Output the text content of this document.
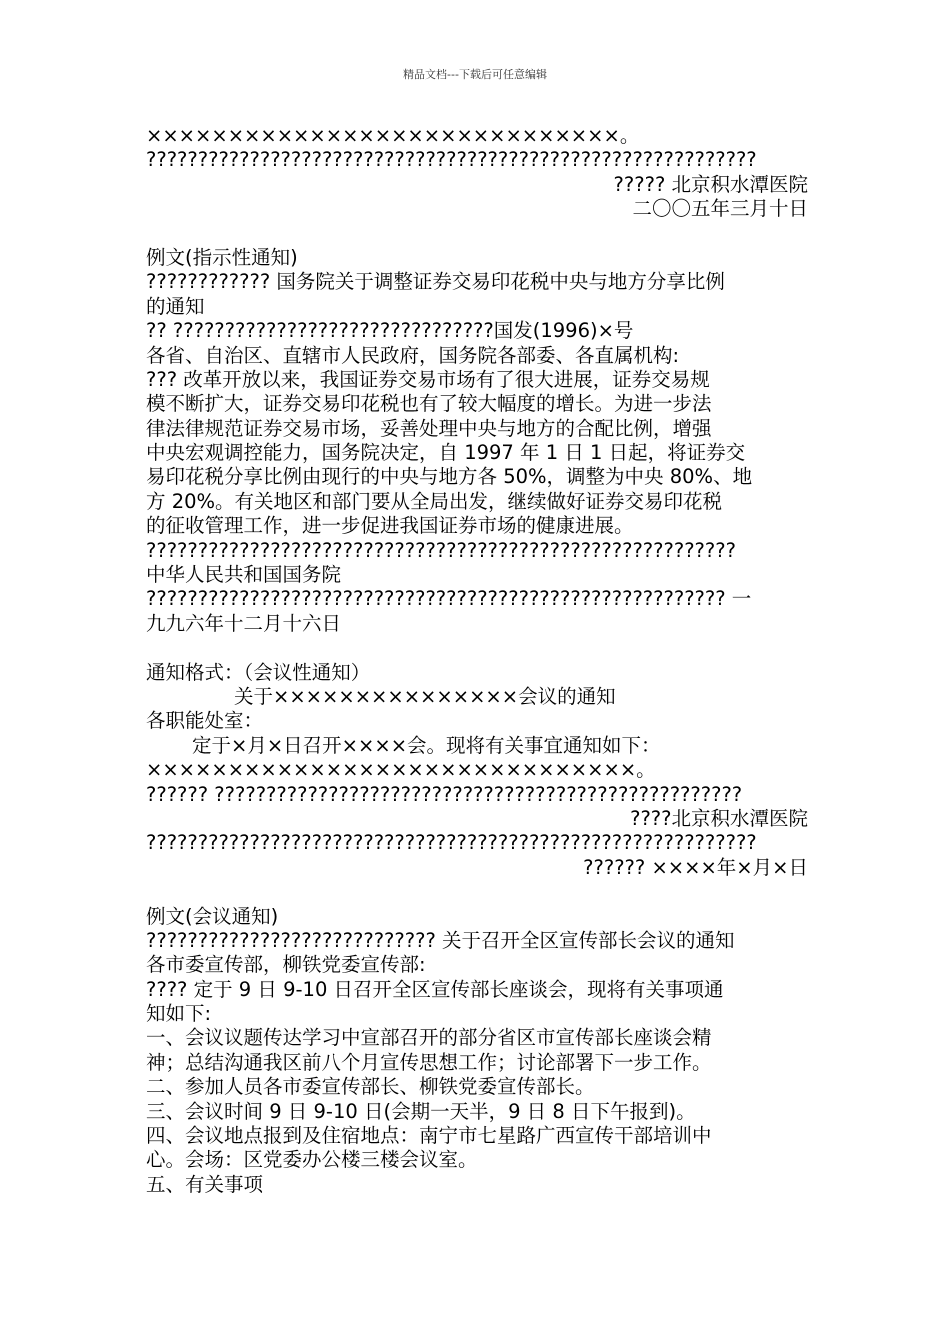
精品文档---下载后可任意编辑
×××××××××××××××××××××××××××××。
???????????????????????????????????????????????????????????
????? 北京积水潭医院
二〇〇五年三月十日
例文(指示性通知)
???????????? 国务院关于调整证券交易印花税中央与地方分享比例
的通知
?? ???????????????????????????????国发(1996)×号
各省、自治区、直辖市人民政府，国务院各部委、各直属机构:
??? 改革开放以来，我国证券交易市场有了很大进展，证券交易规
模不断扩大，证券交易印花税也有了较大幅度的增长。为进一步法
律法律规范证券交易市场，妥善处理中央与地方的合配比例，增强
中央宏观调控能力，国务院决定，自 1997 年 1 日 1 日起，将证券交
易印花税分享比例由现行的中央与地方各 50%，调整为中央 80%、地
方 20%。有关地区和部门要从全局出发，继续做好证券交易印花税
的征收管理工作，进一步促进我国证券市场的健康进展。
?????????????????????????????????????????????????????????
中华人民共和国国务院
???????????????????????????????????????????????????????? 一
九九六年十二月十六日
通知格式：（会议性通知）
关于×××××××××××××××会议的通知
各职能处室：
定于×月×日召开××××会。现将有关事宜通知如下：
××××××××××××××××××××××××××××××。
?????? ???????????????????????????????????????????????????
????北京积水潭医院
???????????????????????????????????????????????????????????
?????? ××××年×月×日
例文(会议通知)
???????????????????????????? 关于召开全区宣传部长会议的通知
各市委宣传部，柳铁党委宣传部:
???? 定于 9 日 9-10 日召开全区宣传部长座谈会，现将有关事项通
知如下:
一、会议议题传达学习中宣部召开的部分省区市宣传部长座谈会精
神；总结沟通我区前八个月宣传思想工作；讨论部署下一步工作。
二、参加人员各市委宣传部长、柳铁党委宣传部长。
三、会议时间 9 日 9-10 日(会期一天半，9 日 8 日下午报到)。
四、会议地点报到及住宿地点：南宁市七星路广西宣传干部培训中
心。会场：区党委办公楼三楼会议室。
五、有关事项
